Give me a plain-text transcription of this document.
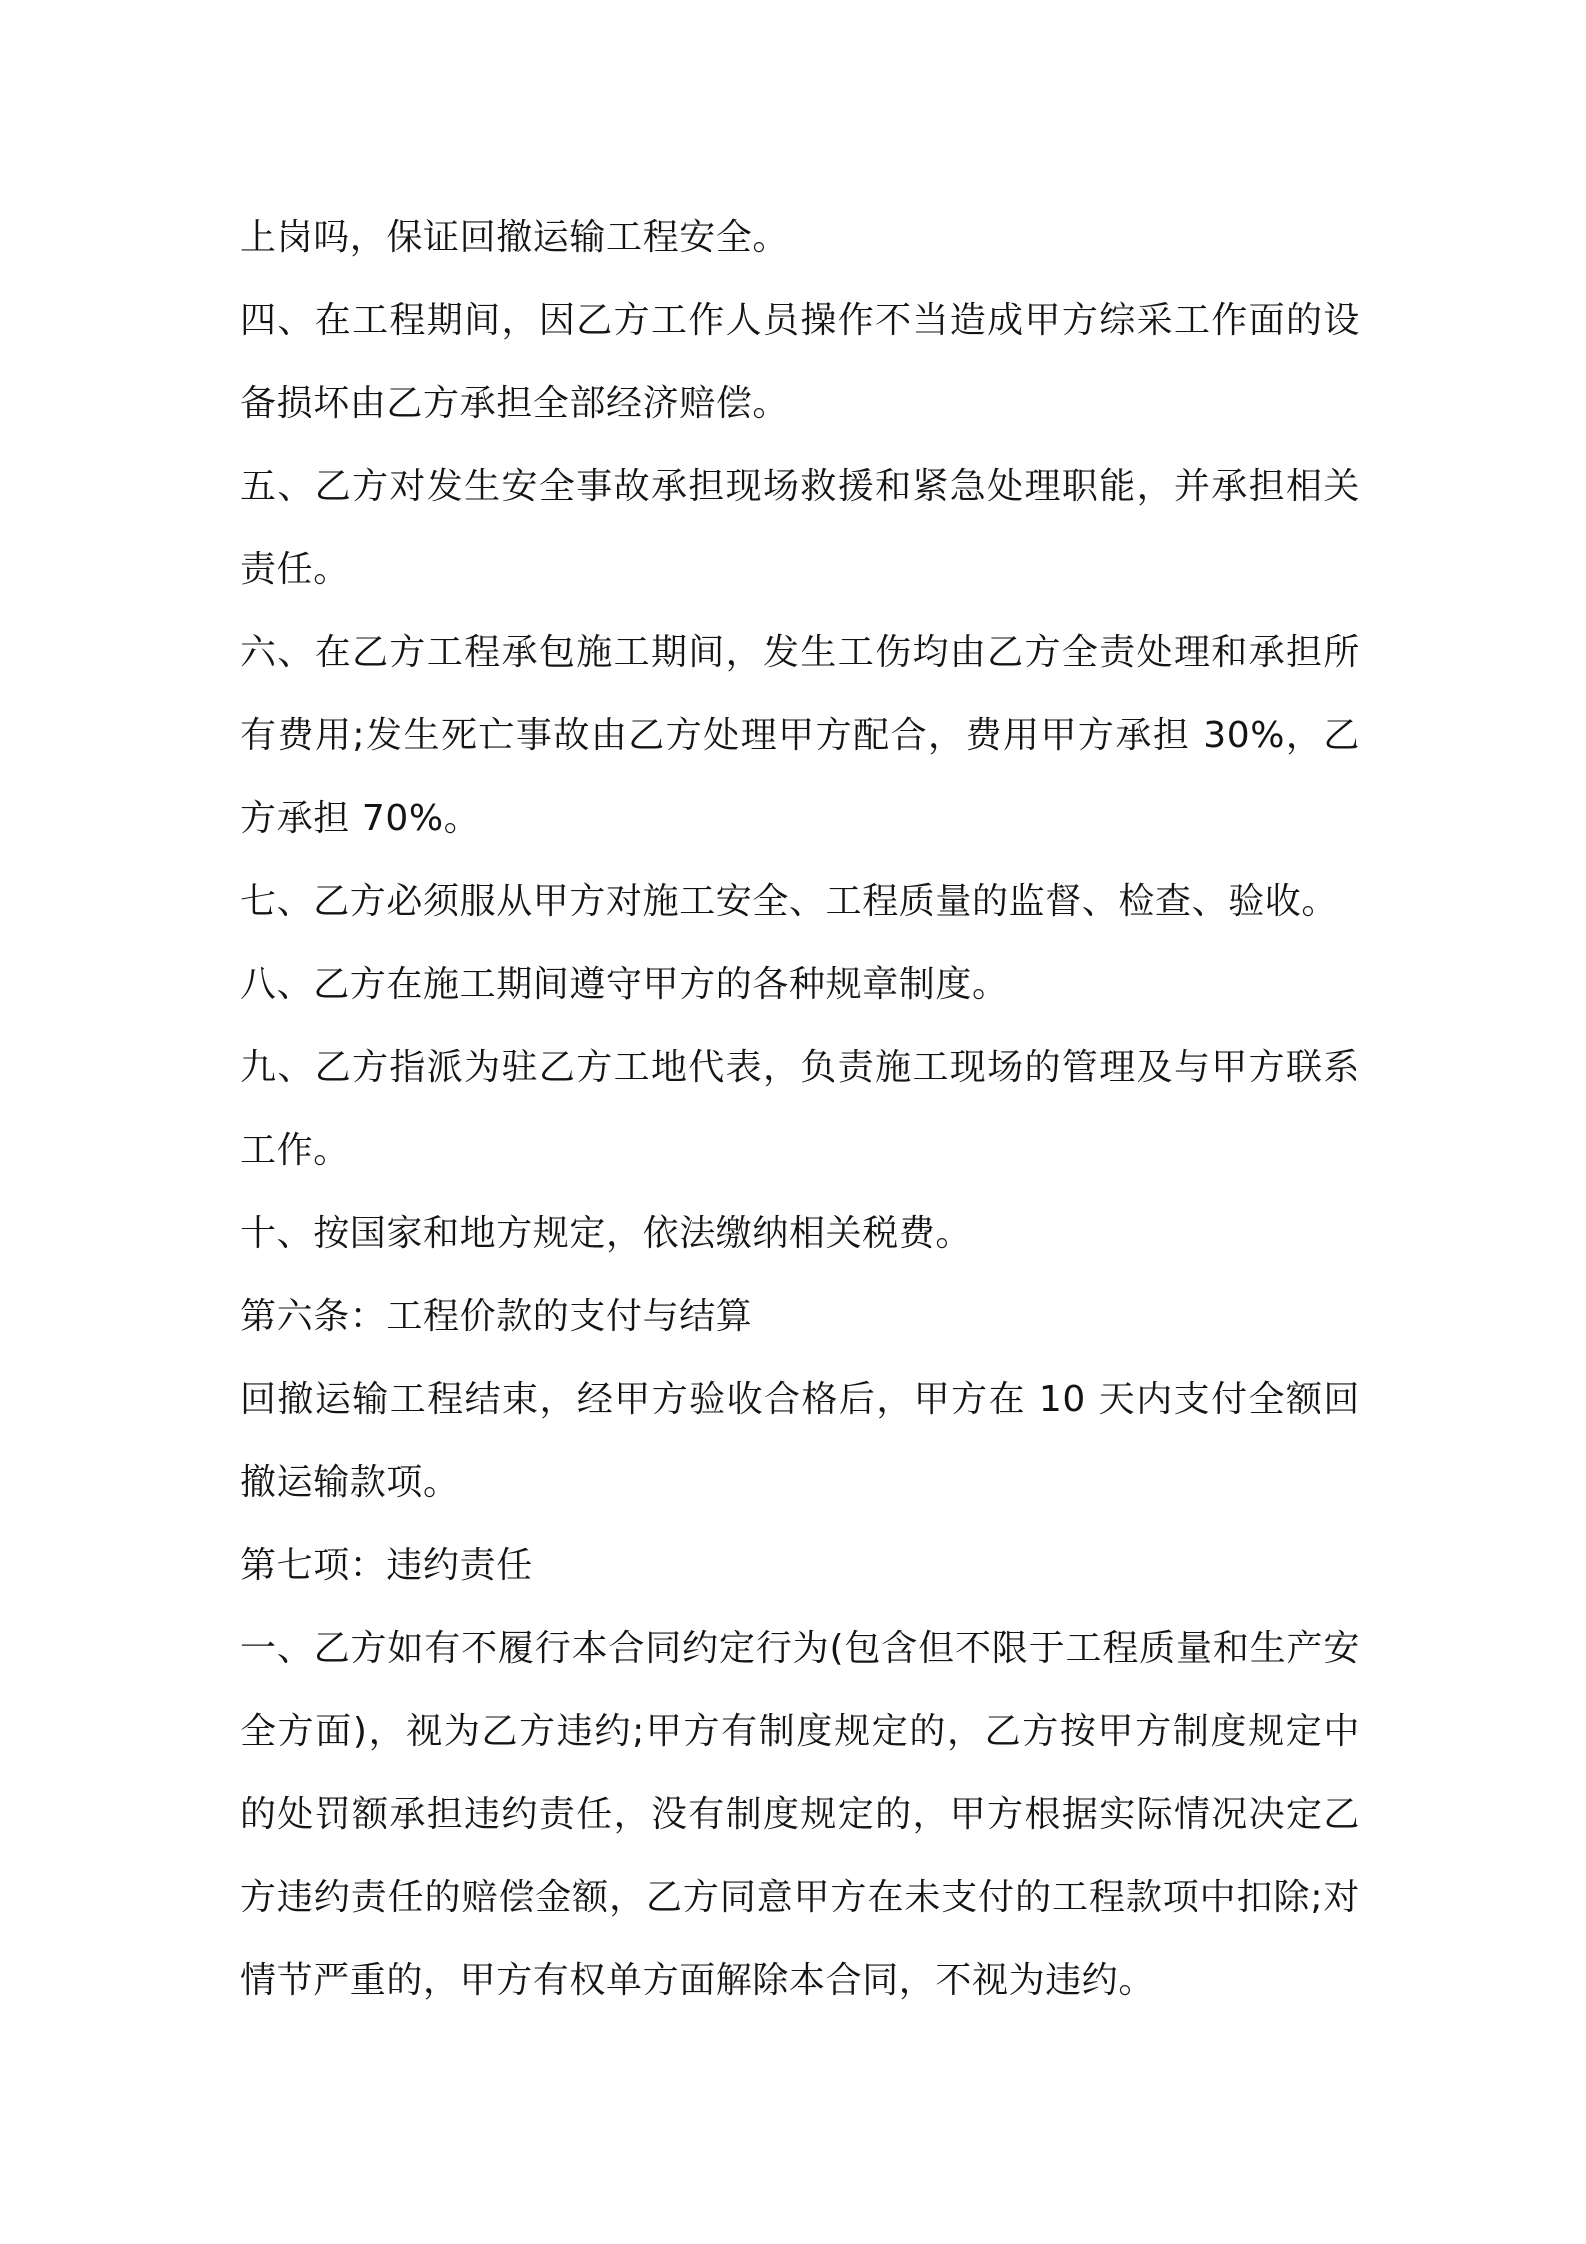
上岗吗，保证回撤运输工程安全。

四、在工程期间，因乙方工作人员操作不当造成甲方综采工作面的设备损坏由乙方承担全部经济赔偿。

五、乙方对发生安全事故承担现场救援和紧急处理职能，并承担相关责任。

六、在乙方工程承包施工期间，发生工伤均由乙方全责处理和承担所有费用;发生死亡事故由乙方处理甲方配合，费用甲方承担 30%，乙方承担 70%。

七、乙方必须服从甲方对施工安全、工程质量的监督、检查、验收。

八、乙方在施工期间遵守甲方的各种规章制度。

九、乙方指派为驻乙方工地代表，负责施工现场的管理及与甲方联系工作。

十、按国家和地方规定，依法缴纳相关税费。

第六条：工程价款的支付与结算

回撤运输工程结束，经甲方验收合格后，甲方在 10 天内支付全额回撤运输款项。

第七项：违约责任

一、乙方如有不履行本合同约定行为(包含但不限于工程质量和生产安全方面)，视为乙方违约;甲方有制度规定的，乙方按甲方制度规定中的处罚额承担违约责任，没有制度规定的，甲方根据实际情况决定乙方违约责任的赔偿金额，乙方同意甲方在未支付的工程款项中扣除;对情节严重的，甲方有权单方面解除本合同，不视为违约。
